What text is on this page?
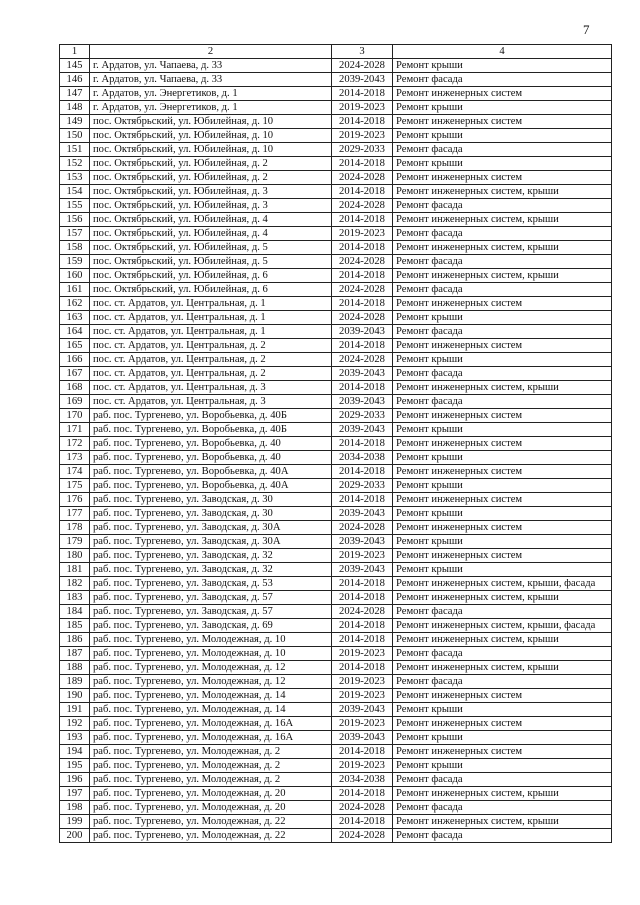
7
1	2	3	4
145	г. Ардатов, ул. Чапаева, д. 33	2024-2028	Ремонт крыши
146	г. Ардатов, ул. Чапаева, д. 33	2039-2043	Ремонт фасада
147	г. Ардатов, ул. Энергетиков, д. 1	2014-2018	Ремонт инженерных систем
148	г. Ардатов, ул. Энергетиков, д. 1	2019-2023	Ремонт крыши
149	пос. Октябрьский, ул. Юбилейная, д. 10	2014-2018	Ремонт инженерных систем
150	пос. Октябрьский, ул. Юбилейная, д. 10	2019-2023	Ремонт крыши
151	пос. Октябрьский, ул. Юбилейная, д. 10	2029-2033	Ремонт фасада
152	пос. Октябрьский, ул. Юбилейная, д. 2	2014-2018	Ремонт крыши
153	пос. Октябрьский, ул. Юбилейная, д. 2	2024-2028	Ремонт инженерных систем
154	пос. Октябрьский, ул. Юбилейная, д. 3	2014-2018	Ремонт инженерных систем, крыши
155	пос. Октябрьский, ул. Юбилейная, д. 3	2024-2028	Ремонт фасада
156	пос. Октябрьский, ул. Юбилейная, д. 4	2014-2018	Ремонт инженерных систем, крыши
157	пос. Октябрьский, ул. Юбилейная, д. 4	2019-2023	Ремонт фасада
158	пос. Октябрьский, ул. Юбилейная, д. 5	2014-2018	Ремонт инженерных систем, крыши
159	пос. Октябрьский, ул. Юбилейная, д. 5	2024-2028	Ремонт фасада
160	пос. Октябрьский, ул. Юбилейная, д. 6	2014-2018	Ремонт инженерных систем, крыши
161	пос. Октябрьский, ул. Юбилейная, д. 6	2024-2028	Ремонт фасада
162	пос. ст. Ардатов, ул. Центральная, д. 1	2014-2018	Ремонт инженерных систем
163	пос. ст. Ардатов, ул. Центральная, д. 1	2024-2028	Ремонт крыши
164	пос. ст. Ардатов, ул. Центральная, д. 1	2039-2043	Ремонт фасада
165	пос. ст. Ардатов, ул. Центральная, д. 2	2014-2018	Ремонт инженерных систем
166	пос. ст. Ардатов, ул. Центральная, д. 2	2024-2028	Ремонт крыши
167	пос. ст. Ардатов, ул. Центральная, д. 2	2039-2043	Ремонт фасада
168	пос. ст. Ардатов, ул. Центральная, д. 3	2014-2018	Ремонт инженерных систем, крыши
169	пос. ст. Ардатов, ул. Центральная, д. 3	2039-2043	Ремонт фасада
170	раб. пос. Тургенево, ул. Воробьевка, д. 40Б	2029-2033	Ремонт инженерных систем
171	раб. пос. Тургенево, ул. Воробьевка, д. 40Б	2039-2043	Ремонт крыши
172	раб. пос. Тургенево, ул. Воробьевка, д. 40	2014-2018	Ремонт инженерных систем
173	раб. пос. Тургенево, ул. Воробьевка, д. 40	2034-2038	Ремонт крыши
174	раб. пос. Тургенево, ул. Воробьевка, д. 40А	2014-2018	Ремонт инженерных систем
175	раб. пос. Тургенево, ул. Воробьевка, д. 40А	2029-2033	Ремонт крыши
176	раб. пос. Тургенево, ул. Заводская, д. 30	2014-2018	Ремонт инженерных систем
177	раб. пос. Тургенево, ул. Заводская, д. 30	2039-2043	Ремонт крыши
178	раб. пос. Тургенево, ул. Заводская, д. 30А	2024-2028	Ремонт инженерных систем
179	раб. пос. Тургенево, ул. Заводская, д. 30А	2039-2043	Ремонт крыши
180	раб. пос. Тургенево, ул. Заводская, д. 32	2019-2023	Ремонт инженерных систем
181	раб. пос. Тургенево, ул. Заводская, д. 32	2039-2043	Ремонт крыши
182	раб. пос. Тургенево, ул. Заводская, д. 53	2014-2018	Ремонт инженерных систем, крыши, фасада
183	раб. пос. Тургенево, ул. Заводская, д. 57	2014-2018	Ремонт инженерных систем, крыши
184	раб. пос. Тургенево, ул. Заводская, д. 57	2024-2028	Ремонт фасада
185	раб. пос. Тургенево, ул. Заводская, д. 69	2014-2018	Ремонт инженерных систем, крыши, фасада
186	раб. пос. Тургенево, ул. Молодежная, д. 10	2014-2018	Ремонт инженерных систем, крыши
187	раб. пос. Тургенево, ул. Молодежная, д. 10	2019-2023	Ремонт фасада
188	раб. пос. Тургенево, ул. Молодежная, д. 12	2014-2018	Ремонт инженерных систем, крыши
189	раб. пос. Тургенево, ул. Молодежная, д. 12	2019-2023	Ремонт фасада
190	раб. пос. Тургенево, ул. Молодежная, д. 14	2019-2023	Ремонт инженерных систем
191	раб. пос. Тургенево, ул. Молодежная, д. 14	2039-2043	Ремонт крыши
192	раб. пос. Тургенево, ул. Молодежная, д. 16А	2019-2023	Ремонт инженерных систем
193	раб. пос. Тургенево, ул. Молодежная, д. 16А	2039-2043	Ремонт крыши
194	раб. пос. Тургенево, ул. Молодежная, д. 2	2014-2018	Ремонт инженерных систем
195	раб. пос. Тургенево, ул. Молодежная, д. 2	2019-2023	Ремонт крыши
196	раб. пос. Тургенево, ул. Молодежная, д. 2	2034-2038	Ремонт фасада
197	раб. пос. Тургенево, ул. Молодежная, д. 20	2014-2018	Ремонт инженерных систем, крыши
198	раб. пос. Тургенево, ул. Молодежная, д. 20	2024-2028	Ремонт фасада
199	раб. пос. Тургенево, ул. Молодежная, д. 22	2014-2018	Ремонт инженерных систем, крыши
200	раб. пос. Тургенево, ул. Молодежная, д. 22	2024-2028	Ремонт фасада
